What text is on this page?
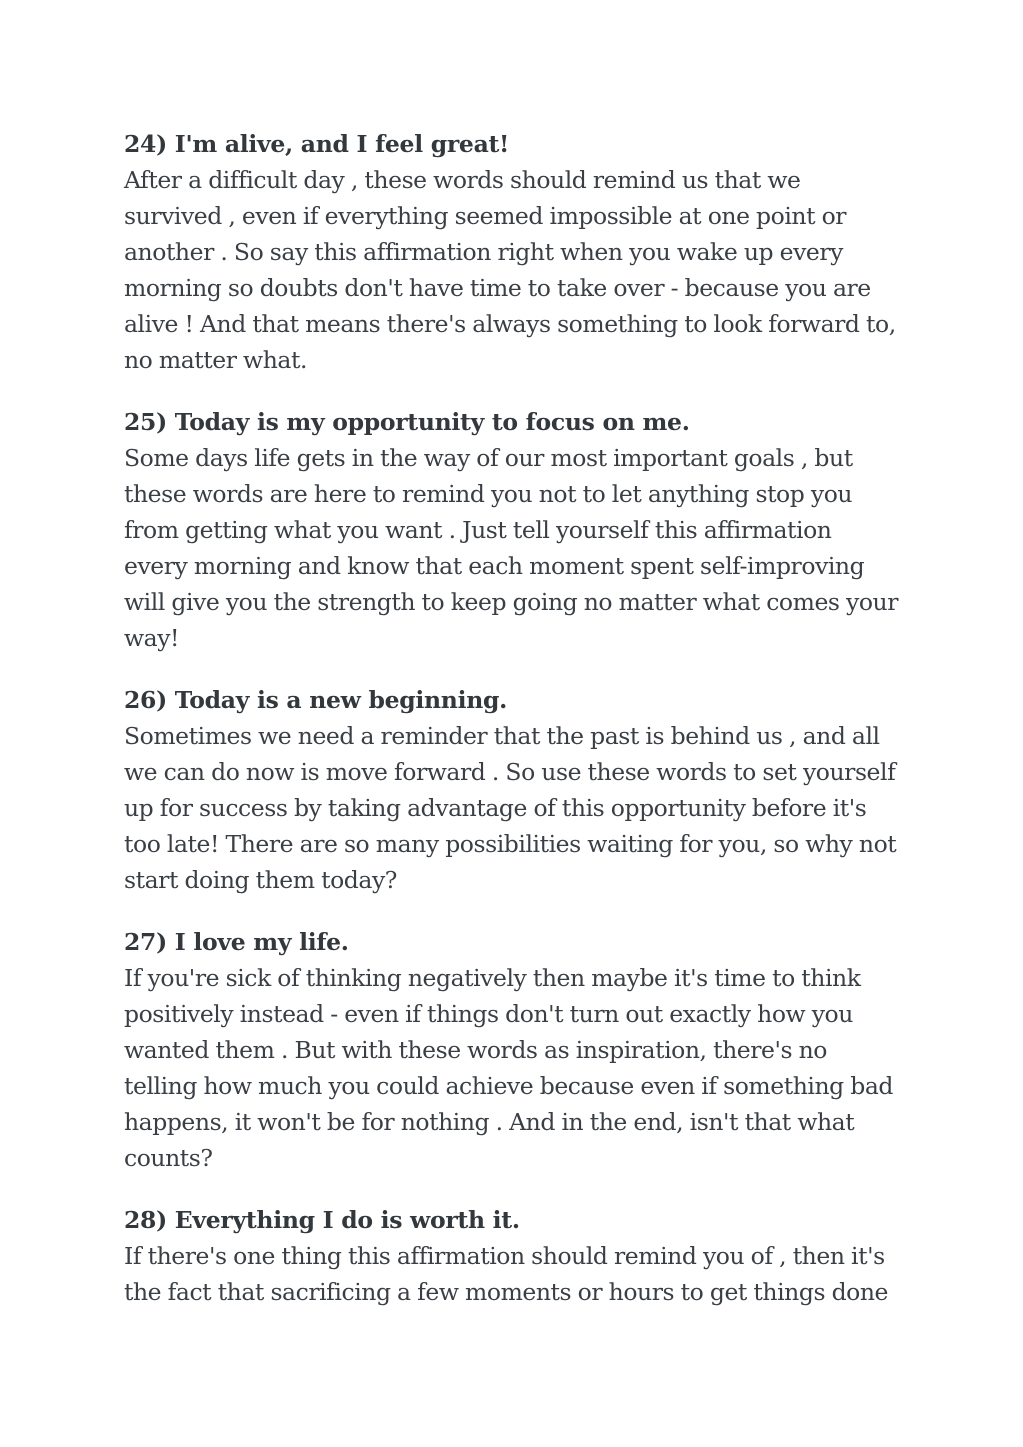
24) I'm alive, and I feel great!

After a difficult day , these words should remind us that we
survived , even if everything seemed impossible at one point or
another . So say this affirmation right when you wake up every
morning so doubts don't have time to take over - because you are
alive ! And that means there's always something to look forward to,
no matter what.

25) Today is my opportunity to focus on me.

Some days life gets in the way of our most important goals , but
these words are here to remind you not to let anything stop you
from getting what you want . Just tell yourself this affirmation
every morning and know that each moment spent self-improving
will give you the strength to keep going no matter what comes your
way!

26) Today is a new beginning.

Sometimes we need a reminder that the past is behind us , and all
we can do now is move forward . So use these words to set yourself
up for success by taking advantage of this opportunity before it's
too late! There are so many possibilities waiting for you, so why not
start doing them today?

27) I love my life.

If you're sick of thinking negatively then maybe it's time to think
positively instead - even if things don't turn out exactly how you
wanted them . But with these words as inspiration, there's no
telling how much you could achieve because even if something bad
happens, it won't be for nothing . And in the end, isn't that what
counts?

28) Everything I do is worth it.

If there's one thing this affirmation should remind you of , then it's
the fact that sacrificing a few moments or hours to get things done
